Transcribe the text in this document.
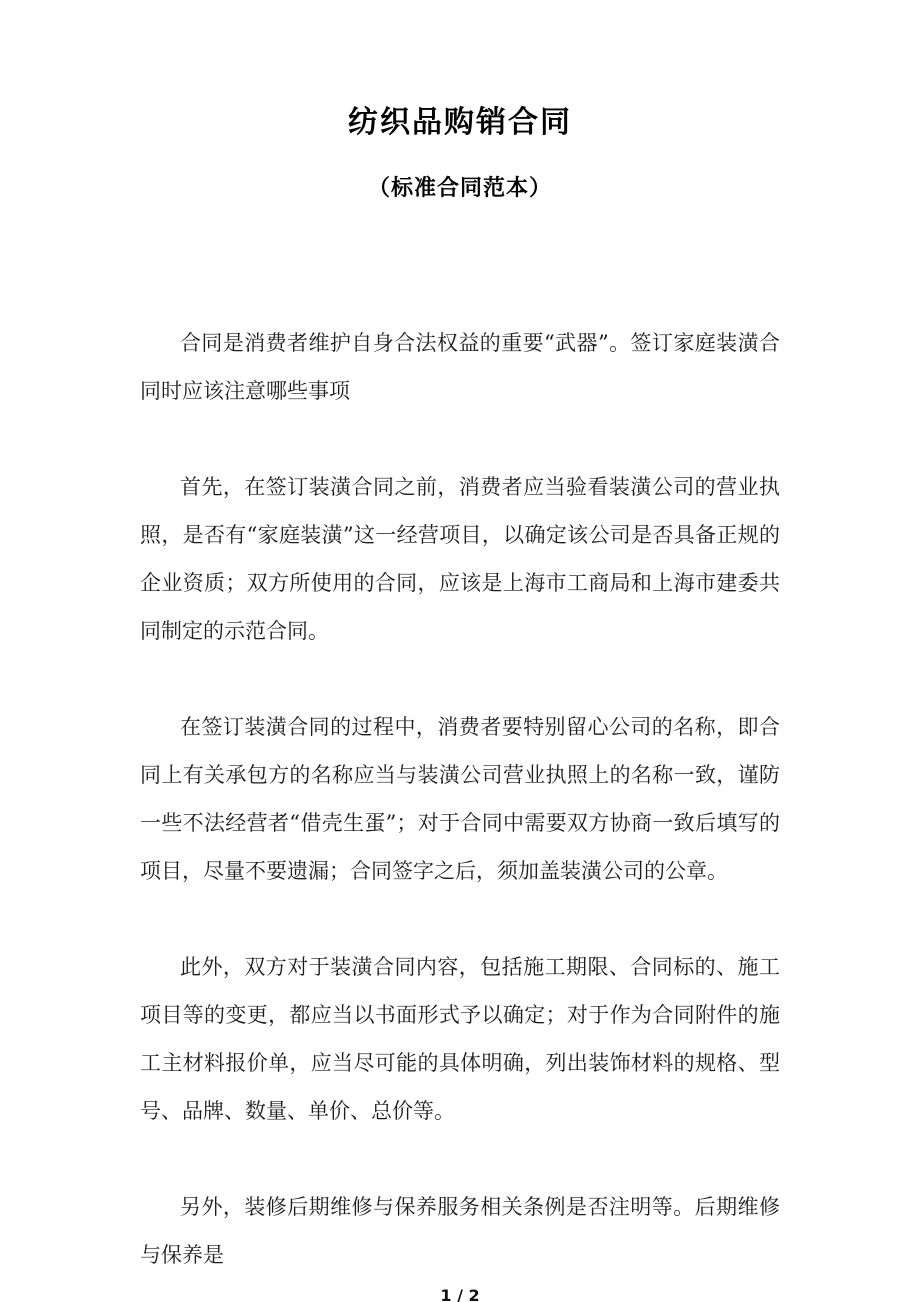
纺织品购销合同
（标准合同范本）

合同是消费者维护自身合法权益的重要“武器”。签订家庭装潢合同时应该注意哪些事项

首先，在签订装潢合同之前，消费者应当验看装潢公司的营业执照，是否有“家庭装潢”这一经营项目，以确定该公司是否具备正规的企业资质；双方所使用的合同，应该是上海市工商局和上海市建委共同制定的示范合同。

在签订装潢合同的过程中，消费者要特别留心公司的名称，即合同上有关承包方的名称应当与装潢公司营业执照上的名称一致，谨防一些不法经营者“借壳生蛋”；对于合同中需要双方协商一致后填写的项目，尽量不要遗漏；合同签字之后，须加盖装潢公司的公章。

此外，双方对于装潢合同内容，包括施工期限、合同标的、施工项目等的变更，都应当以书面形式予以确定；对于作为合同附件的施工主材料报价单，应当尽可能的具体明确，列出装饰材料的规格、型号、品牌、数量、单价、总价等。

另外，装修后期维修与保养服务相关条例是否注明等。后期维修与保养是

1 / 2
